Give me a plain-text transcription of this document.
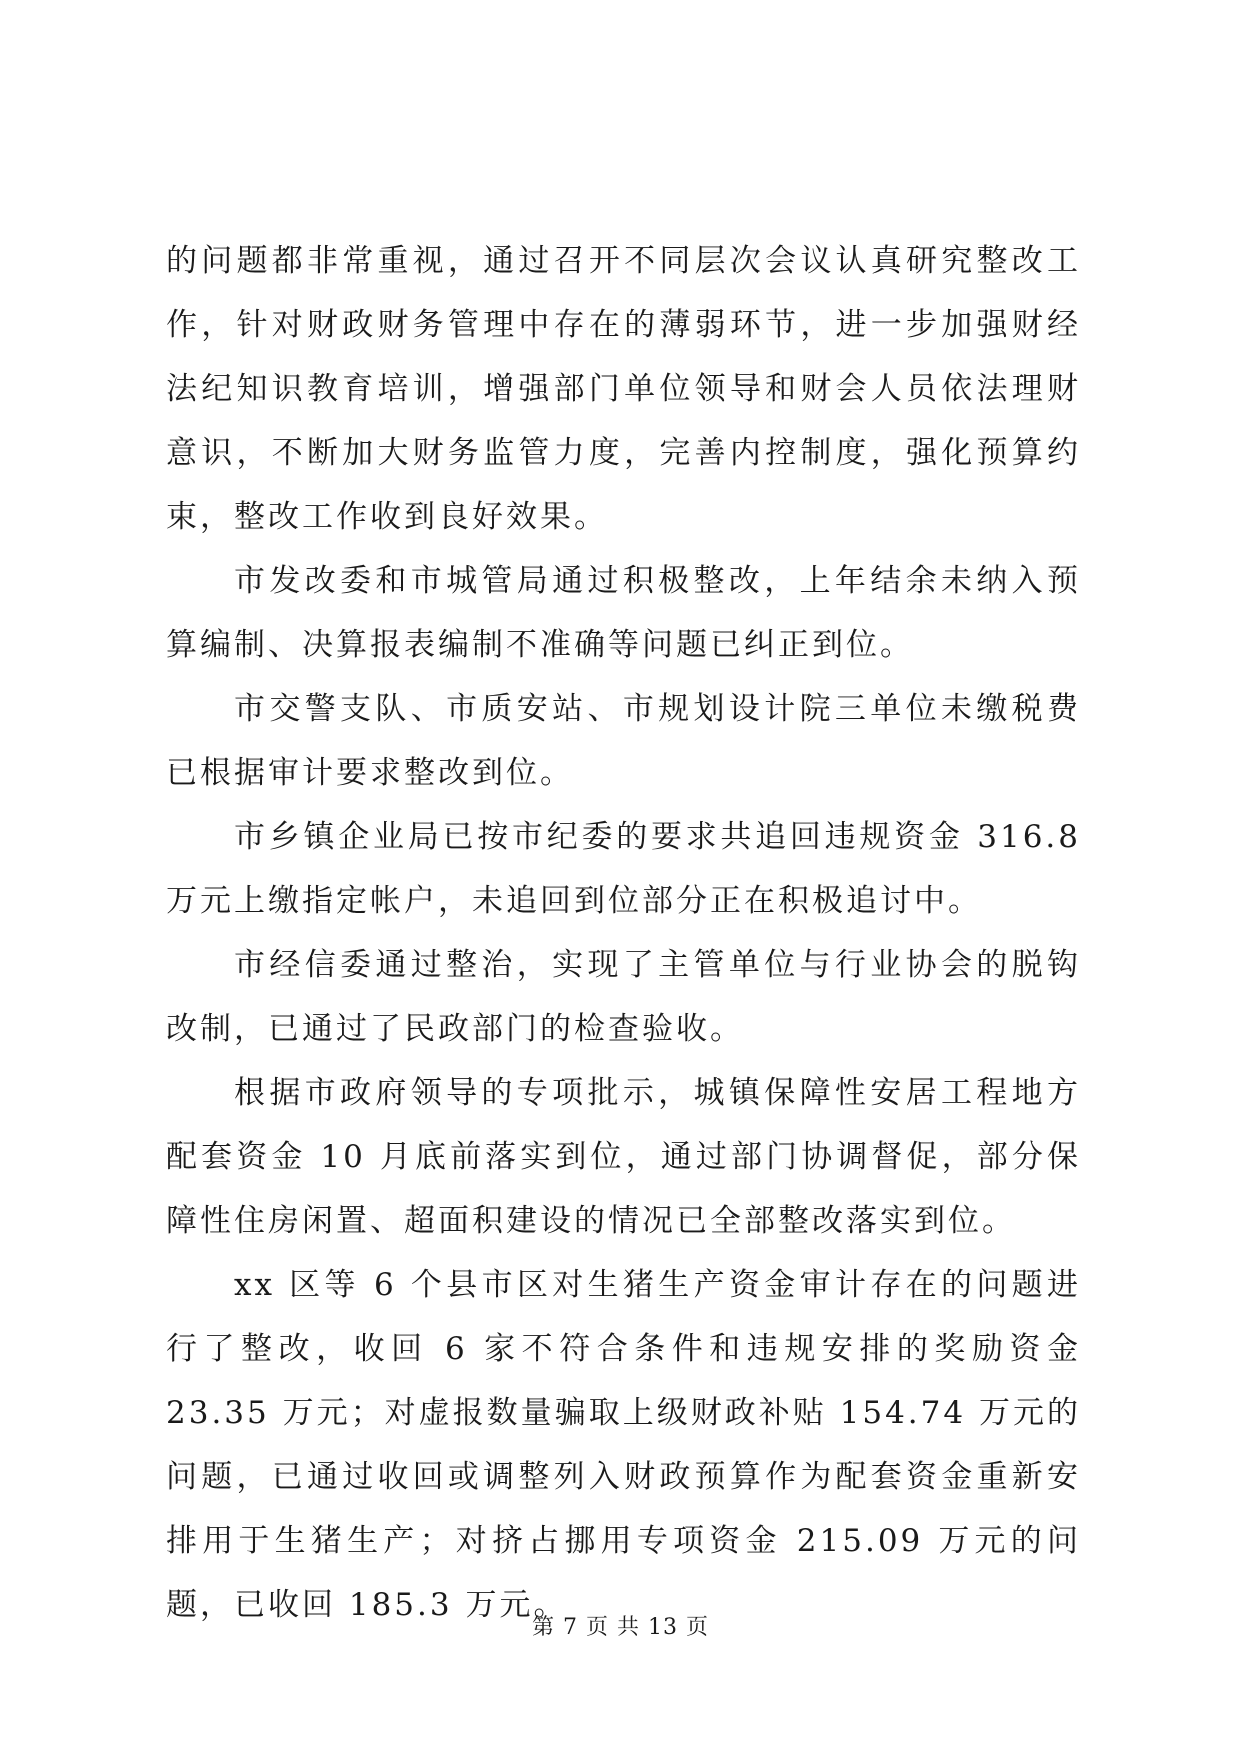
的问题都非常重视，通过召开不同层次会议认真研究整改工作，针对财政财务管理中存在的薄弱环节，进一步加强财经法纪知识教育培训，增强部门单位领导和财会人员依法理财意识，不断加大财务监管力度，完善内控制度，强化预算约束，整改工作收到良好效果。

市发改委和市城管局通过积极整改，上年结余未纳入预算编制、决算报表编制不准确等问题已纠正到位。

市交警支队、市质安站、市规划设计院三单位未缴税费已根据审计要求整改到位。

市乡镇企业局已按市纪委的要求共追回违规资金 316.8 万元上缴指定帐户，未追回到位部分正在积极追讨中。

市经信委通过整治，实现了主管单位与行业协会的脱钩改制，已通过了民政部门的检查验收。

根据市政府领导的专项批示，城镇保障性安居工程地方配套资金 10 月底前落实到位，通过部门协调督促，部分保障性住房闲置、超面积建设的情况已全部整改落实到位。

xx 区等 6 个县市区对生猪生产资金审计存在的问题进行了整改，收回 6 家不符合条件和违规安排的奖励资金 23.35 万元；对虚报数量骗取上级财政补贴 154.74 万元的问题，已通过收回或调整列入财政预算作为配套资金重新安排用于生猪生产；对挤占挪用专项资金 215.09 万元的问题，已收回 185.3 万元。

第 7 页 共 13 页
